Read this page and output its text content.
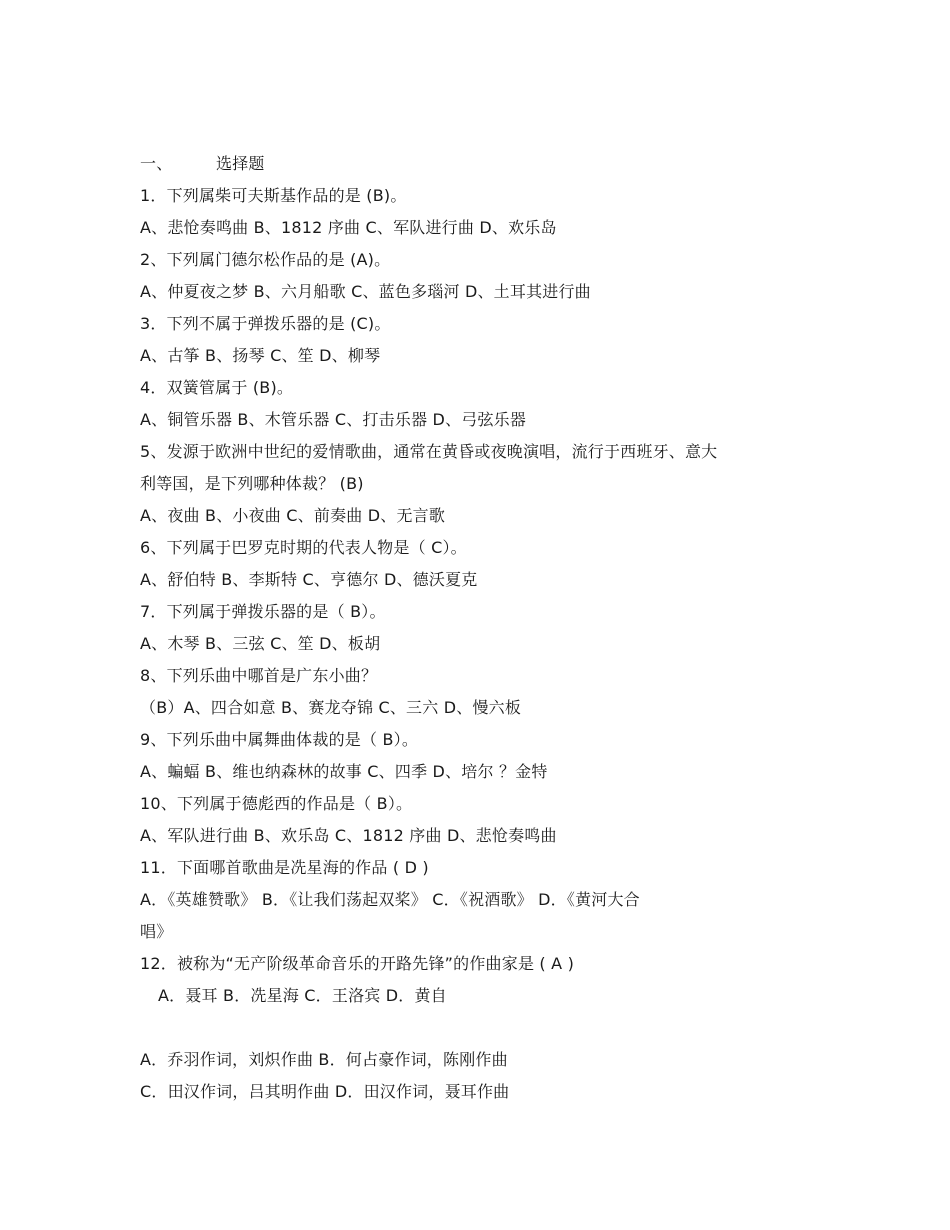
一、	选择题
1．下列属柴可夫斯基作品的是 (B)。
A、悲怆奏鸣曲 B、1812 序曲 C、军队进行曲 D、欢乐岛
2、下列属门德尔松作品的是 (A)。
A、仲夏夜之梦 B、六月船歌 C、蓝色多瑙河 D、土耳其进行曲
3．下列不属于弹拨乐器的是 (C)。
A、古筝 B、扬琴 C、笙 D、柳琴
4．双簧管属于 (B)。
A、铜管乐器 B、木管乐器 C、打击乐器 D、弓弦乐器
5、发源于欧洲中世纪的爱情歌曲，通常在黄昏或夜晚演唱，流行于西班牙、意大
利等国，是下列哪种体裁？ (B)
A、夜曲 B、小夜曲 C、前奏曲 D、无言歌
6、下列属于巴罗克时期的代表人物是（ C）。
A、舒伯特 B、李斯特 C、亨德尔 D、德沃夏克
7．下列属于弹拨乐器的是（ B）。
A、木琴 B、三弦 C、笙 D、板胡
8、下列乐曲中哪首是广东小曲？
（B）A、四合如意 B、赛龙夺锦 C、三六 D、慢六板
9、下列乐曲中属舞曲体裁的是（ B）。
A、蝙蝠 B、维也纳森林的故事 C、四季 D、培尔 ？金特
10、下列属于德彪西的作品是（ B）。
A、军队进行曲 B、欢乐岛 C、1812 序曲 D、悲怆奏鸣曲
11．下面哪首歌曲是冼星海的作品 ( D )
A．《英雄赞歌》 B．《让我们荡起双桨》 C．《祝酒歌》 D．《黄河大合
唱》
12．被称为“无产阶级革命音乐的开路先锋”的作曲家是 ( A )
A．聂耳 B．冼星海 C．王洛宾 D．黄自
A．乔羽作词，刘炽作曲 B．何占豪作词，陈刚作曲
C．田汉作词，吕其明作曲 D．田汉作词，聂耳作曲
